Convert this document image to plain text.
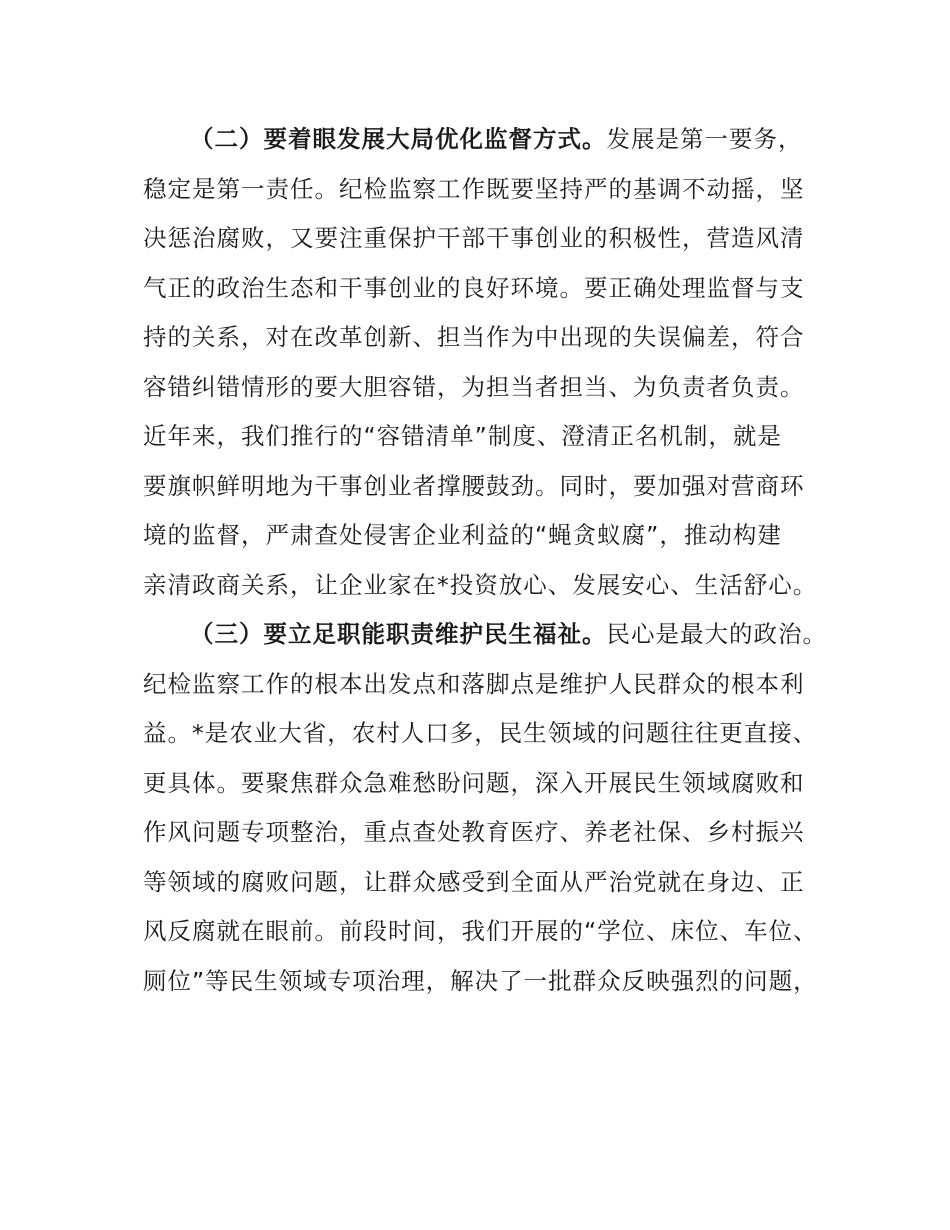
（二）要着眼发展大局优化监督方式。发展是第一要务，
稳定是第一责任。纪检监察工作既要坚持严的基调不动摇，坚
决惩治腐败，又要注重保护干部干事创业的积极性，营造风清
气正的政治生态和干事创业的良好环境。要正确处理监督与支
持的关系，对在改革创新、担当作为中出现的失误偏差，符合
容错纠错情形的要大胆容错，为担当者担当、为负责者负责。
近年来，我们推行的“容错清单”制度、澄清正名机制，就是
要旗帜鲜明地为干事创业者撑腰鼓劲。同时，要加强对营商环
境的监督，严肃查处侵害企业利益的“蝇贪蚁腐”，推动构建
亲清政商关系，让企业家在*投资放心、发展安心、生活舒心。
（三）要立足职能职责维护民生福祉。民心是最大的政治。
纪检监察工作的根本出发点和落脚点是维护人民群众的根本利
益。*是农业大省，农村人口多，民生领域的问题往往更直接、
更具体。要聚焦群众急难愁盼问题，深入开展民生领域腐败和
作风问题专项整治，重点查处教育医疗、养老社保、乡村振兴
等领域的腐败问题，让群众感受到全面从严治党就在身边、正
风反腐就在眼前。前段时间，我们开展的“学位、床位、车位、
厕位”等民生领域专项治理，解决了一批群众反映强烈的问题，
